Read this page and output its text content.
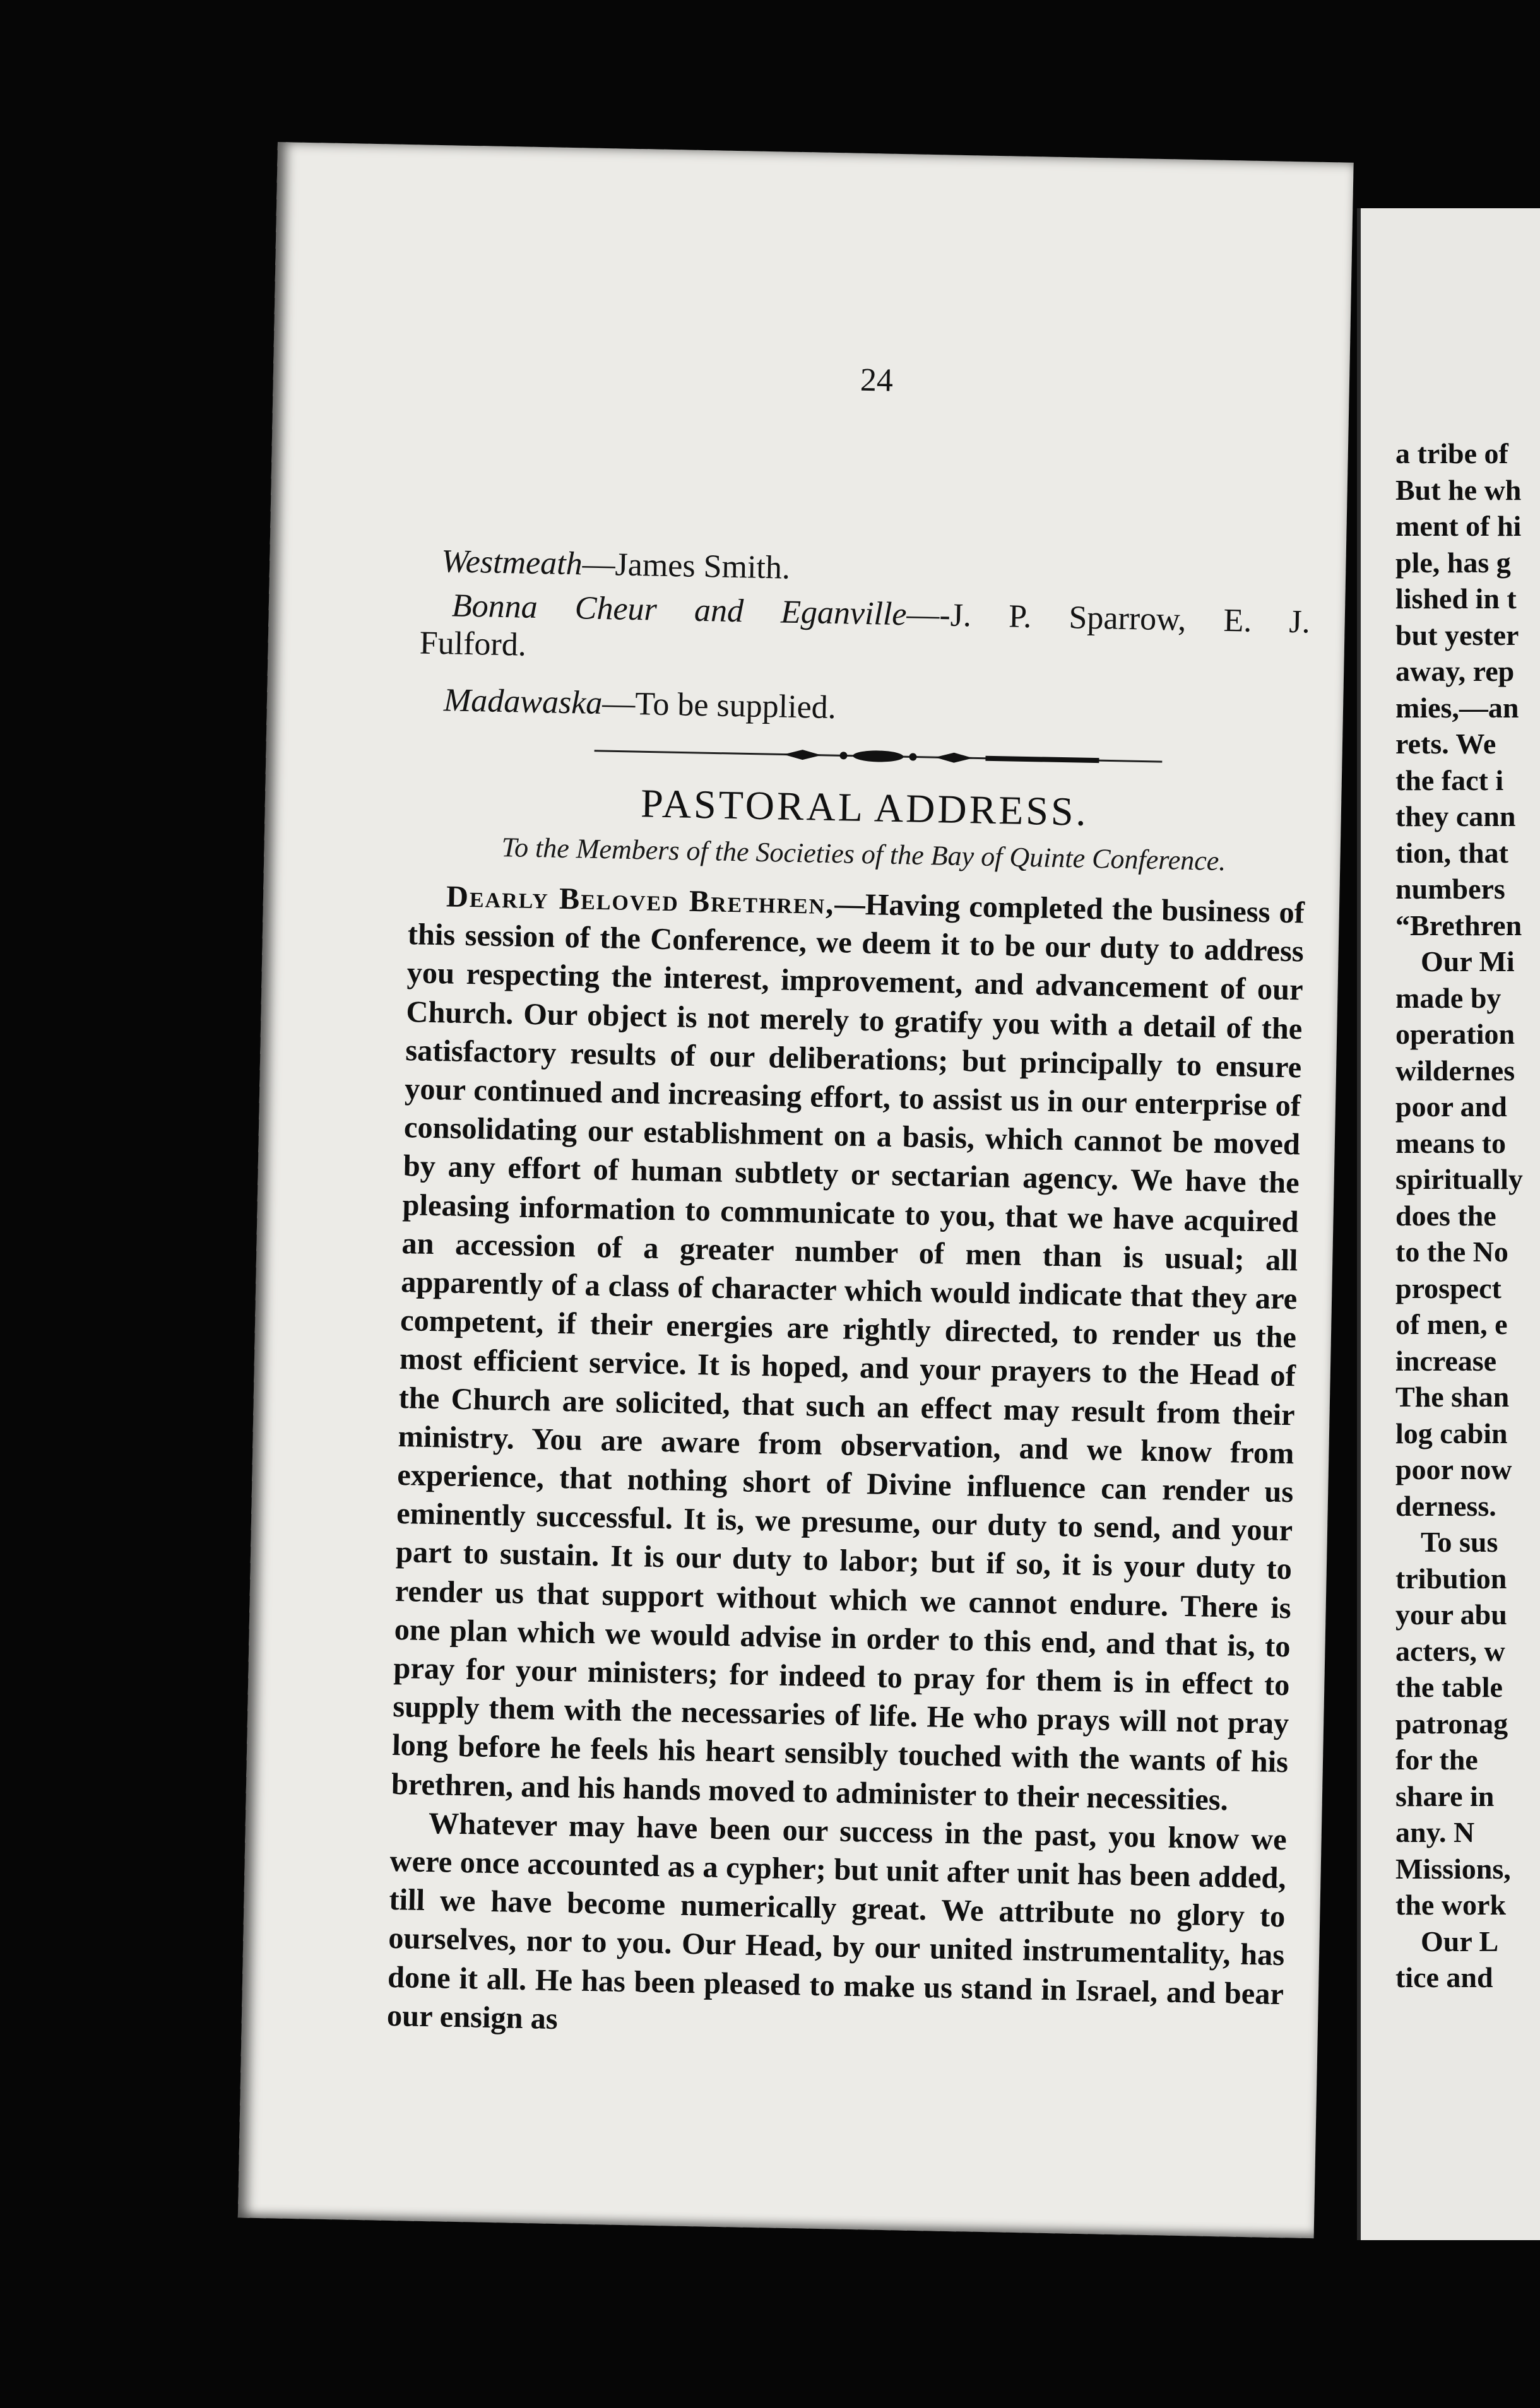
24
Westmeath—James Smith.
Bonna Cheur and Eganville—-J. P. Sparrow, E. J.
Fulford.
Madawaska—To be supplied.
PASTORAL ADDRESS.
To the Members of the Societies of the Bay of Quinte Conference.

Dearly Beloved Brethren,—Having completed the business of this session of the Conference, we deem it to be our duty to address you respecting the interest, improvement, and advancement of our Church. Our object is not merely to gratify you with a detail of the satisfactory results of our deliberations; but principally to ensure your continued and increasing effort, to assist us in our enterprise of consolidating our establishment on a basis, which cannot be moved by any effort of human subtlety or sectarian agency. We have the pleasing information to communicate to you, that we have acquired an accession of a greater number of men than is usual; all apparently of a class of character which would indicate that they are competent, if their energies are rightly directed, to render us the most efficient service. It is hoped, and your prayers to the Head of the Church are solicited, that such an effect may result from their ministry. You are aware from observation, and we know from experience, that nothing short of Divine influence can render us eminently successful. It is, we presume, our duty to send, and your part to sustain. It is our duty to labor; but if so, it is your duty to render us that support without which we cannot endure. There is one plan which we would advise in order to this end, and that is, to pray for your ministers; for indeed to pray for them is in effect to supply them with the necessaries of life. He who prays will not pray long before he feels his heart sensibly touched with the wants of his brethren, and his hands moved to administer to their necessities.

Whatever may have been our success in the past, you know we were once accounted as a cypher; but unit after unit has been added, till we have become numerically great. We attribute no glory to ourselves, nor to you. Our Head, by our united instrumentality, has done it all. He has been pleased to make us stand in Israel, and bear our ensign as

a tribe of
But he wh
ment of hi
ple, has g
lished in t
but yester
away, rep
mies,—an
rets. We
the fact i
they cann
tion, that
numbers
“Brethren
Our Mi
made by
operation
wildernes
poor and
means to
spiritually
does the
to the No
prospect
of men, e
increase
The shan
log cabin
poor now
derness.
To sus
tribution
your abu
acters, w
the table
patronag
for the
share in
any. N
Missions,
the work
Our L
tice and
